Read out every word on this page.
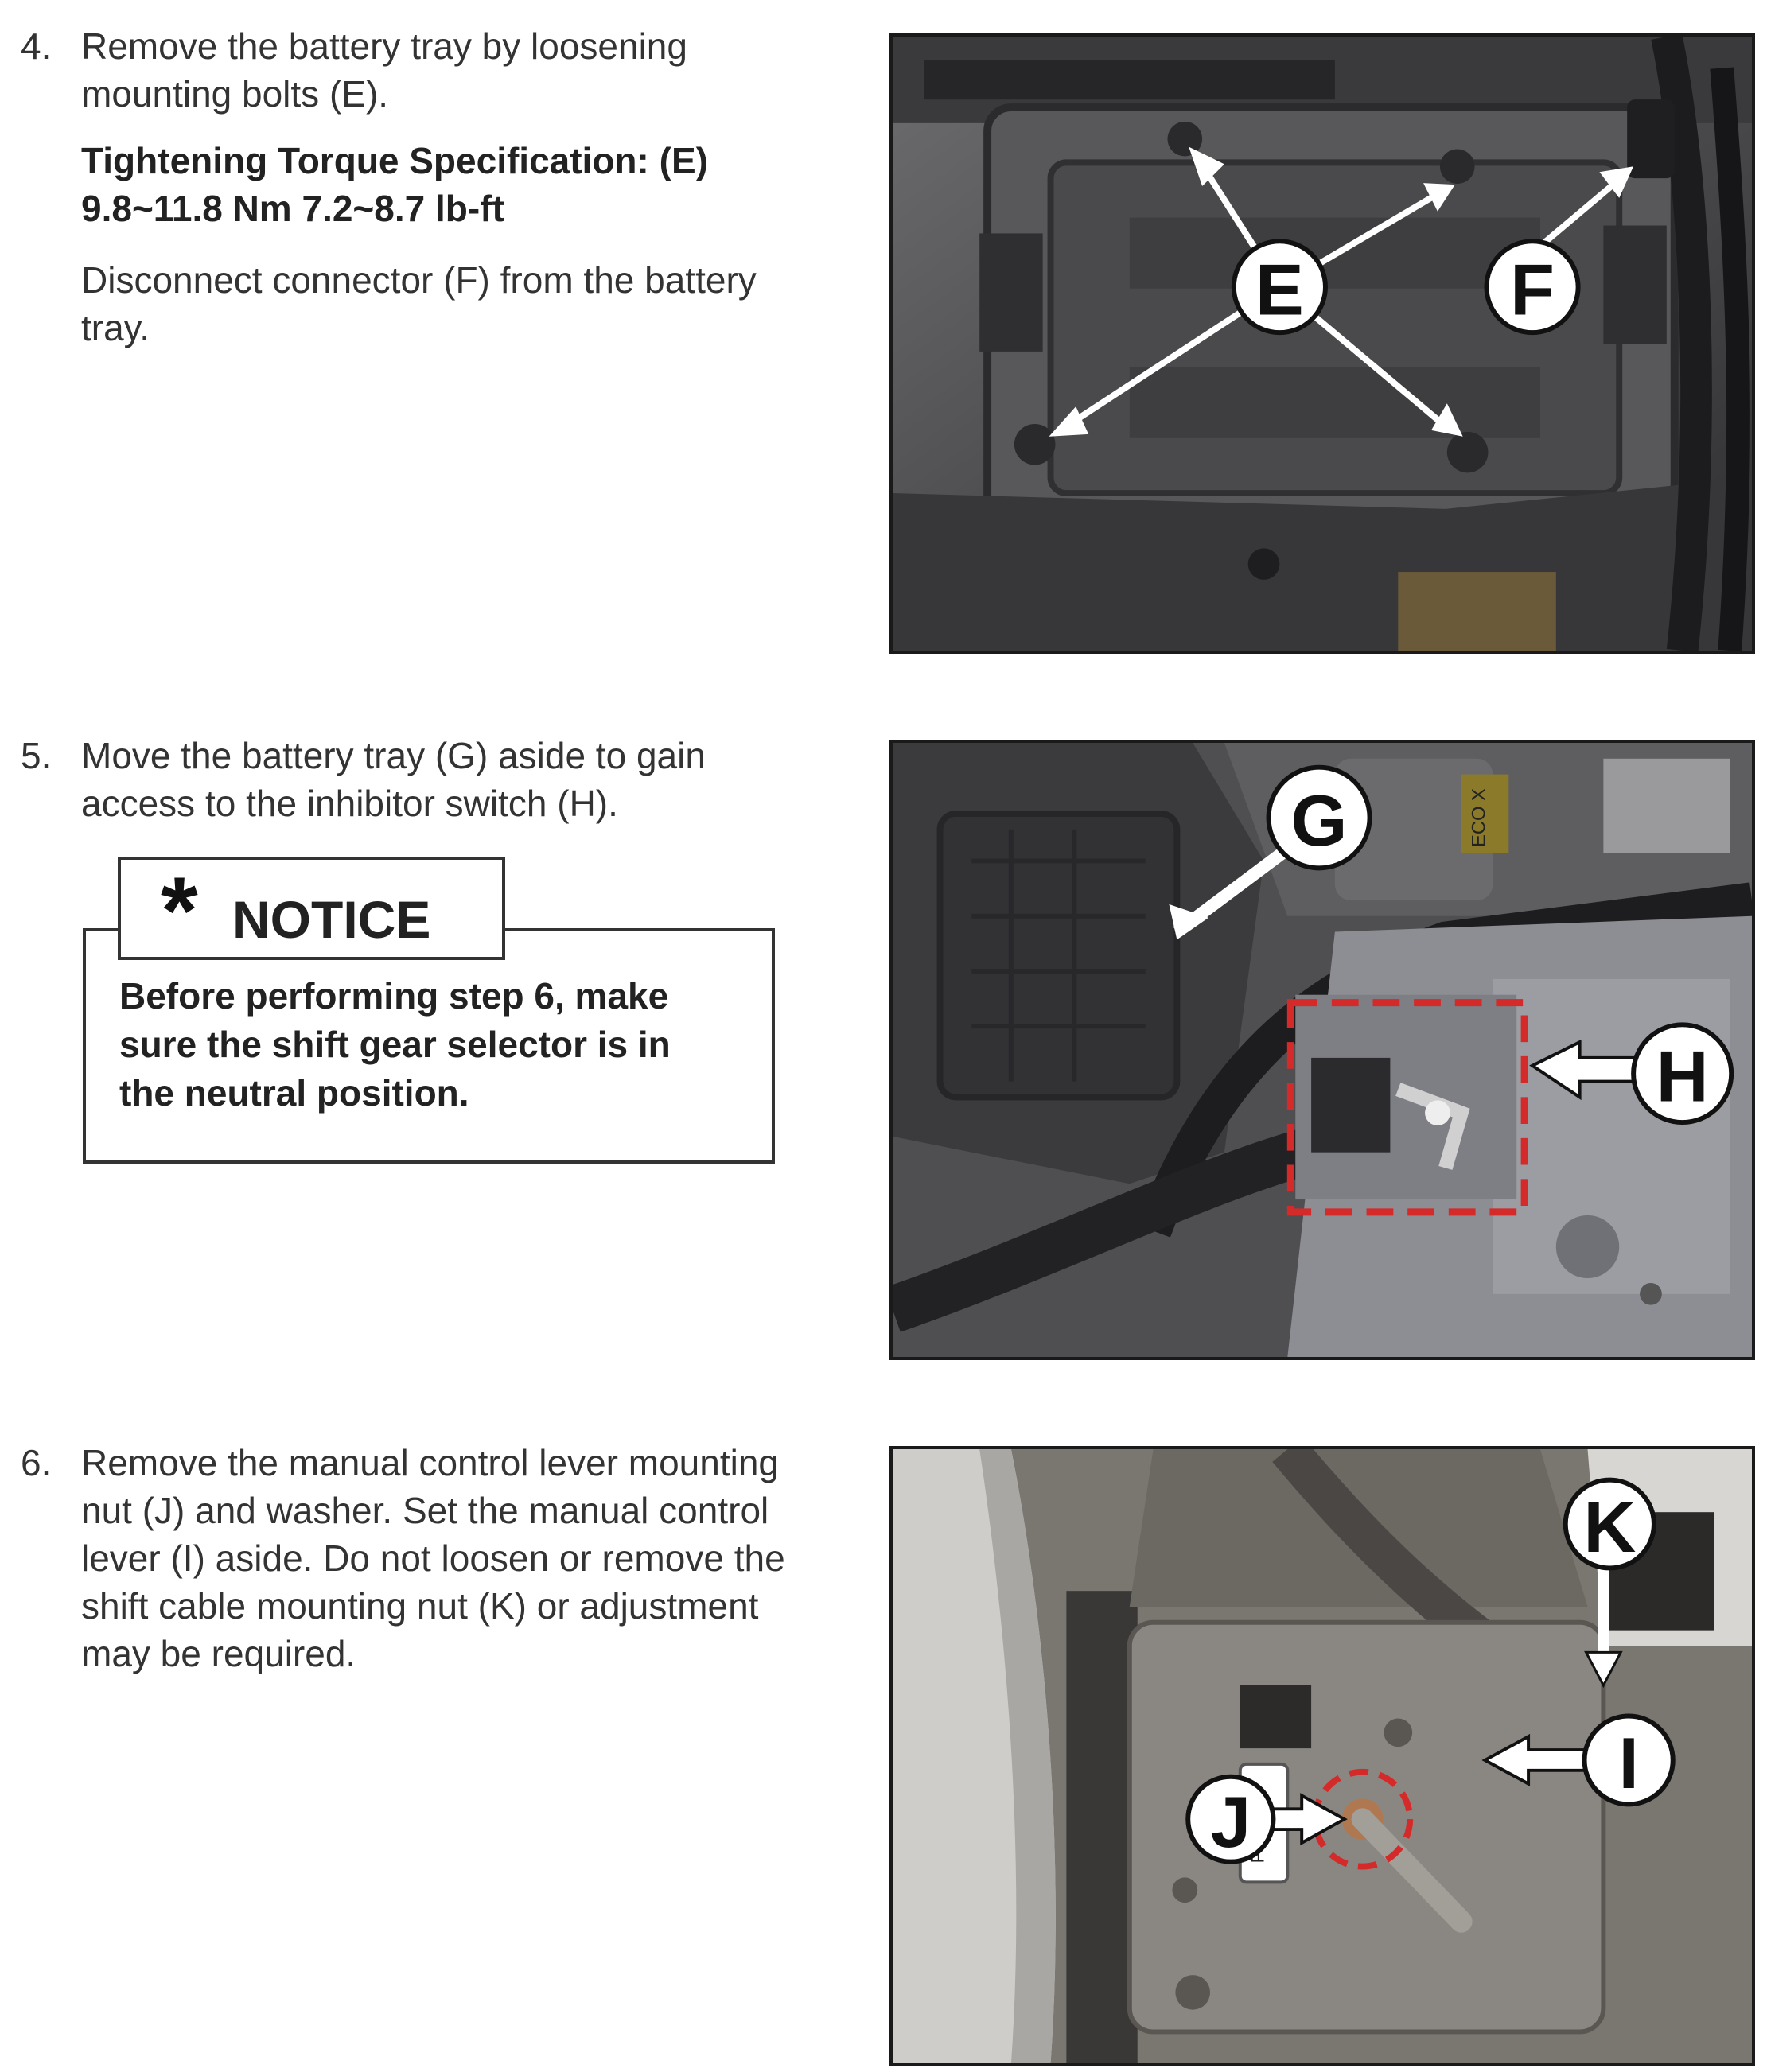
4. Remove the battery tray by loosening

mounting bolts (E).

Tightening Torque Specification: (E)

9.8~11.8 Nm 7.2~8.7 lb-ft

Disconnect connector (F) from the battery

tray.	E	F
5. Move the battery tray (G) aside to gain

access to the inhibitor switch (H).

* NOTICE
Before performing step 6, make
sure the shift gear selector is in
the neutral position.
ECO X
H
G
6. Remove the manual control lever mounting

nut (J) and washer. Set the manual control

lever (I) aside. Do not loosen or remove the

shift cable mounting nut (K) or adjustment

may be required.

K
I
J
